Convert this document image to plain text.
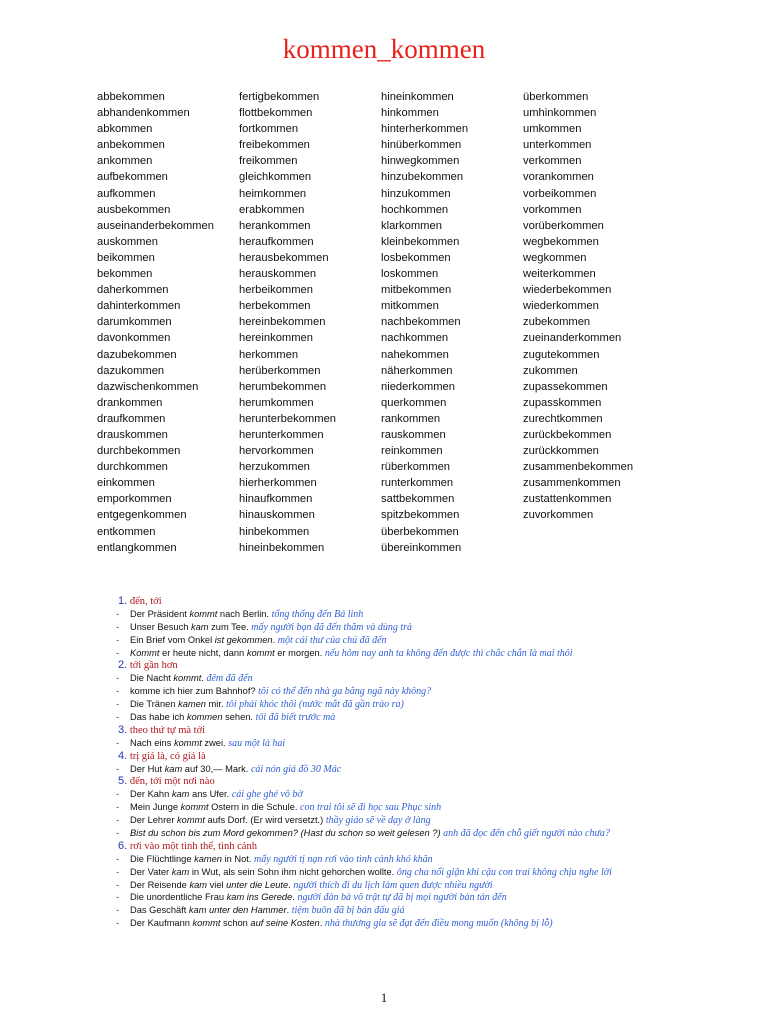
kommen_kommen
abbekommen
abhandenkommen
abkommen
anbekommen
ankommen
aufbekommen
aufkommen
ausbekommen
auseinanderbekommen
auskommen
beikommen
bekommen
daherkommen
dahinterkommen
darumkommen
davonkommen
dazubekommen
dazukommen
dazwischenkommen
drankommen
draufkommen
drauskommen
durchbekommen
durchkommen
einkommen
emporkommen
entgegenkommen
entkommen
entlangkommen
fertigbekommen
flottbekommen
fortkommen
freibekommen
freikommen
gleichkommen
heimkommen
erabkommen
herankommen
heraufkommen
herausbekommen
herauskommen
herbeikommen
herbekommen
hereinbekommen
hereinkommen
herkommen
herüberkommen
herumbekommen
herumkommen
herunterbekommen
herunterkommen
hervorkommen
herzukommen
hierherkommen
hinaufkommen
hinauskommen
hinbekommen
hineinbekommen
hineinkommen
hinkommen
hinterherkommen
hinüberkommen
hinwegkommen
hinzubekommen
hinzukommen
hochkommen
klarkommen
kleinbekommen
losbekommen
loskommen
mitbekommen
mitkommen
nachbekommen
nachkommen
nahekommen
näherkommen
niederkommen
querkommen
rankommen
rauskommen
reinkommen
rüberkommen
runterkommen
sattbekommen
spitzbekommen
überbekommen
übereinkommen
überkommen
umhinkommen
umkommen
unterkommen
verkommen
vorankommen
vorbeikommen
vorkommen
vorüberkommen
wegbekommen
wegkommen
weiterkommen
wiederbekommen
wiederkommen
zubekommen
zueinanderkommen
zugutekommen
zukommen
zupassekommen
zupasskommen
zurechtkommen
zurückbekommen
zurückkommen
zusammenbekommen
zusammenkommen
zustattenkommen
zuvorkommen
1. đến, tới
- Der Präsident kommt nach Berlin. tổng thống đến Bá linh
- Unser Besuch kam zum Tee. mấy người bạn đã đến thăm và dùng trà
- Ein Brief vom Onkel ist gekommen. một cái thư của chú đã đến
- Kommt er heute nicht, dann kommt er morgen. nếu hôm nay anh ta không đến được thì chắc chắn là mai thôi
2. tới gần hơn
- Die Nacht kommt. đêm đã đến
- komme ich hier zum Bahnhof? tôi có thể đến nhà ga bằng ngã này không?
- Die Tränen kamen mir. tôi phải khóc thôi (nước mắt đã gần trào ra)
- Das habe ich kommen sehen. tôi đã biết trước mà
3. theo thứ tự mà tới
- Nach eins kommt zwei. sau một là hai
4. trị giá là, có giá là
- Der Hut kam auf 30,— Mark. cái nón giá đồ 30 Mác
5. đến, tới một nơi nào
- Der Kahn kam ans Ufer. cái ghe ghé vô bờ
- Mein Junge kommt Ostern in die Schule. con trai tôi sẽ đi học sau Phục sinh
- Der Lehrer kommt aufs Dorf. (Er wird versetzt.) thầy giáo sẽ về dạy ở làng
- Bist du schon bis zum Mord gekommen? (Hast du schon so weit gelesen ?) anh đã đọc đến chỗ giết người nào chưa?
6. rơi vào một tình thế, tình cảnh
- Die Flüchtlinge kamen in Not. mấy người tị nạn rơi vào tình cảnh khó khăn
- Der Vater kam in Wut, als sein Sohn ihm nicht gehorchen wollte. ông cha nổi giận khi cậu con trai không chịu nghe lời
- Der Reisende kam viel unter die Leute. người thích đi du lịch làm quen được nhiều người
- Die unordentliche Frau kam ins Gerede. người đàn bà vô trật tự đã bị mọi người bàn tán đến
- Das Geschäft kam unter den Hammer. tiệm buôn đã bị bán đấu giá
- Der Kaufmann kommt schon auf seine Kosten. nhà thương gia sẽ đạt đến điều mong muốn (không bị lỗ)
1
